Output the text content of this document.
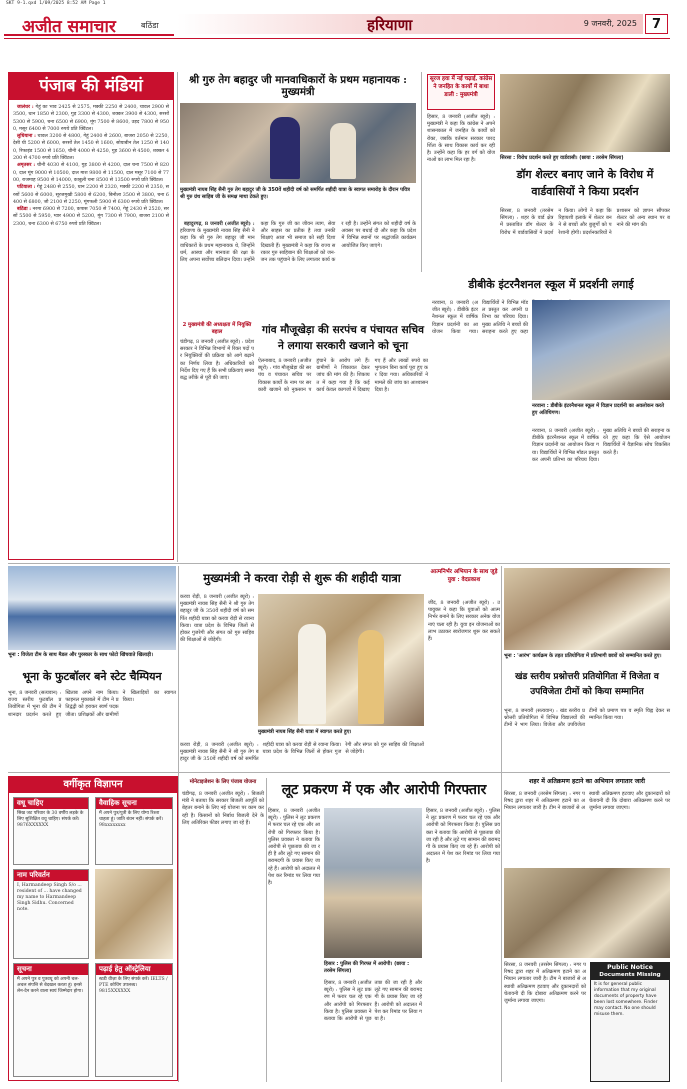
SKT 9-1.qxd 1/09/2025 8:52 AM Page 1
अजीत समाचार	बठिंडा	हरियाणा	9 जनवरी, 2025 7
पंजाब की मंडियां

जालंधर : गेहूं का भाव 2425 से 2575, मक्की 2250 से 2400, चावल 2900 से 3500, धान 1850 से 2300, गुड़ 3300 से 4300, शक्कर 3900 से 4300, सरसों 5300 से 5900, चना 6500 से 6900, मूंग 7500 से 8600, उड़द 7800 से 9500, मसूर 6400 से 7000 रुपये प्रति क्विंटल।

लुधियाना : चावल 3200 से 4800, गेहूं 2400 से 2600, बाजरा 2050 से 2250, देसी घी 5200 से 6000, सरसों तेल 1450 से 1600, सोयाबीन तेल 1250 से 1400, रिफाइंड 1500 से 1650, चीनी 4000 से 4250, गुड़ 3600 से 4500, शक्कर 4200 से 4700 रुपये प्रति क्विंटल।

अमृतसर : चीनी 4030 से 4100, गुड़ 3800 से 4200, दाल चना 7500 से 8200, दाल मूंग 9000 से 10500, दाल माश 9800 से 11500, दाल मसूर 7100 से 7700, राजमाह 9500 से 14000, काबुली चना 8500 से 13500 रुपये प्रति क्विंटल।

पटियाला : गेहूं 2480 से 2550, धान 2200 से 2320, मक्की 2200 से 2350, सरसों 5600 से 6000, सूरजमुखी 5800 से 6200, बिनौला 3500 से 3800, चना 6400 से 6800, जौ 2100 से 2250, मूंगफली 5900 से 6300 रुपये प्रति क्विंटल।

बठिंडा : नरमा 6900 से 7200, कपास 7050 से 7400, गेहूं 2430 से 2520, सरसों 5500 से 5950, ग्वार 4900 से 5200, मूंग 7300 से 7900, बाजरा 2100 से 2300, चना 6300 से 6750 रुपये प्रति क्विंटल।

श्री गुरु तेग बहादुर जी मानवाधिकारों के प्रथम महानायक : मुख्यमंत्री
मुख्यमंत्री नायब सिंह सैनी गुरु तेग बहादुर जी के 350वें शहीदी वर्ष को समर्पित शहीदी यात्रा के स्वागत समारोह के दौरान पवित्र श्री गुरु ग्रंथ साहिब जी के समक्ष माथा टेकते हुए।

बहादुरगढ़, 8 जनवरी (अजीत ब्यूरो) : हरियाणा के मुख्यमंत्री नायब सिंह सैनी ने कहा कि श्री गुरु तेग बहादुर जी मानवाधिकारों के प्रथम महानायक थे, जिन्होंने धर्म, आस्था और मानवता की रक्षा के लिए अपना सर्वोच्च बलिदान दिया। उन्होंने कहा कि गुरु जी का जीवन त्याग, सेवा और साहस का प्रतीक है तथा उनकी शिक्षाएं आज भी समाज को सही दिशा दिखाती हैं। मुख्यमंत्री ने कहा कि राज्य सरकार गुरु साहिबान की शिक्षाओं को जन-जन तक पहुंचाने के लिए लगातार कार्य कर रही है। उन्होंने संगत को शहीदी वर्ष के अवसर पर बधाई दी और कहा कि प्रदेश में विभिन्न स्थानों पर श्रद्धांजलि कार्यक्रम आयोजित किए जाएंगे।

सूरज हवा में नई चढ़ाई, कांग्रेस ने जनहित के कार्यों में बाधा डाली : मुख्यमंत्री
हिसार, 8 जनवरी (अजीत ब्यूरो) : मुख्यमंत्री ने कहा कि कांग्रेस ने अपने शासनकाल में जनहित के कार्यों को रोका, जबकि वर्तमान सरकार पारदर्शिता के साथ विकास कार्य कर रही है। उन्होंने कहा कि हर वर्ग को योजनाओं का लाभ मिल रहा है।	सिरसा : विरोध प्रदर्शन करते हुए वार्डवासी। (छाया : तरसेम सिंगला)
डॉग शेल्टर बनाए जाने के विरोध में वार्डवासियों ने किया प्रदर्शन
सिरसा, 8 जनवरी (तरसेम सिंगला) : शहर के वार्ड क्षेत्र में प्रस्तावित डॉग शेल्टर के विरोध में वार्डवासियों ने प्रदर्शन किया। लोगों ने कहा कि रिहायशी इलाके में शेल्टर बनने से बच्चों और बुजुर्गों को परेशानी होगी। प्रदर्शनकारियों ने प्रशासन को ज्ञापन सौंपकर शेल्टर को अन्य स्थान पर बनाने की मांग की।
2 मुख्यमंत्री की अध्यक्षता में नियुक्ति बहाल
चंडीगढ़, 8 जनवरी (अजीत ब्यूरो) : प्रदेश सरकार ने विभिन्न विभागों में रिक्त पदों पर नियुक्तियों की प्रक्रिया को आगे बढ़ाने का निर्णय लिया है। अधिकारियों को निर्देश दिए गए हैं कि सभी प्रक्रियाएं समयबद्ध तरीके से पूरी की जाएं।
गांव मौजूखेड़ा की सरपंच व पंचायत सचिव ने लगाया सरकारी खजाने को चूना
ऐलनाबाद, 8 जनवरी (अजीत ब्यूरो) : गांव मौजूखेड़ा की सरपंच व पंचायत सचिव पर विकास कार्यों के नाम पर सरकारी खजाने को नुकसान पहुंचाने के आरोप लगे हैं। ग्रामीणों ने शिकायत देकर जांच की मांग की है। शिकायत में कहा गया है कि कई कार्य केवल कागजों में दिखाए गए हैं और लाखों रुपये का भुगतान बिना कार्य पूरा हुए कर दिया गया। अधिकारियों ने मामले की जांच का आश्वासन दिया है।
डीबीके इंटरनैशनल स्कूल में प्रदर्शनी लगाई
नरवाना, 8 जनवरी (अजीत ब्यूरो) : डीबीके इंटरनैशनल स्कूल में वार्षिक विज्ञान प्रदर्शनी का आयोजन किया गया। विद्यार्थियों ने विभिन्न मॉडल प्रस्तुत कर अपनी प्रतिभा का परिचय दिया। मुख्य अतिथि ने बच्चों की सराहना करते हुए कहा
नरवाना : डीबीके इंटरनैशनल स्कूल में विज्ञान प्रदर्शनी का अवलोकन करते हुए अतिथिगण।
नरवाना, 8 जनवरी (अजीत ब्यूरो) : डीबीके इंटरनैशनल स्कूल में वार्षिक विज्ञान प्रदर्शनी का आयोजन किया गया। विद्यार्थियों ने विभिन्न मॉडल प्रस्तुत कर अपनी प्रतिभा का परिचय दिया। मुख्य अतिथि ने बच्चों की सराहना करते हुए कहा कि ऐसे आयोजन विद्यार्थियों में वैज्ञानिक सोच विकसित करते हैं।
भूना : विजेता टीम के साथ मैडल और पुरस्कार के साथ फोटो खिंचवाते खिलाड़ी।
भूना के फुटबॉलर बने स्टेट चैम्पियन
भूना, 8 जनवरी (सत्यवान) : राज्य स्तरीय फुटबॉल प्रतियोगिता में भूना की टीम ने शानदार प्रदर्शन करते हुए खिताब अपने नाम किया। फाइनल मुकाबले में टीम ने प्रतिद्वंद्वी को हराकर स्वर्ण पदक जीता। प्रशिक्षकों और ग्रामीणों ने खिलाड़ियों का स्वागत किया।
मुख्यमंत्री ने करवा रोड़ी से शुरू की शहीदी यात्रा
करवा रोड़ी, 8 जनवरी (अजीत ब्यूरो) : मुख्यमंत्री नायब सिंह सैनी ने श्री गुरु तेग बहादुर जी के 350वें शहीदी वर्ष को समर्पित शहीदी यात्रा को करवा रोड़ी से रवाना किया। यात्रा प्रदेश के विभिन्न जिलों से होकर गुजरेगी और संगत को गुरु साहिब की शिक्षाओं से जोड़ेगी।
मुख्यमंत्री नायब सिंह सैनी यात्रा में स्वागत करते हुए।
करवा रोड़ी, 8 जनवरी (अजीत ब्यूरो) : मुख्यमंत्री नायब सिंह सैनी ने श्री गुरु तेग बहादुर जी के 350वें शहीदी वर्ष को समर्पित शहीदी यात्रा को करवा रोड़ी से रवाना किया। यात्रा प्रदेश के विभिन्न जिलों से होकर गुजरेगी और संगत को गुरु साहिब की शिक्षाओं से जोड़ेगी।
आत्मनिर्भर अभियान के साथ जुड़े युवा : वेदप्रकाश
जींद, 8 जनवरी (अजीत ब्यूरो) : उपायुक्त ने कहा कि युवाओं को आत्मनिर्भर बनाने के लिए सरकार अनेक योजनाएं चला रही है। युवा इन योजनाओं का लाभ उठाकर स्वरोजगार शुरू कर सकते हैं।
भूना : 'आरंभ' कार्यक्रम के तहत प्रतियोगिता में प्रतिभागी छात्रों को सम्मानित करते हुए।
खंड स्तरीय प्रश्नोत्तरी प्रतियोगिता में विजेता व उपविजेता टीमों को किया सम्मानित
भूना, 8 जनवरी (सत्यवान) : खंड स्तरीय प्रश्नोत्तरी प्रतियोगिता में विभिन्न विद्यालयों की टीमों ने भाग लिया। विजेता और उपविजेता टीमों को प्रमाण पत्र व स्मृति चिह्न देकर सम्मानित किया गया।
वर्गीकृत विज्ञापन
वधू चाहिए
सिख जट परिवार के 30 वर्षीय लड़के के लिए सुशिक्षित वधू चाहिए। संपर्क करें। 9876XXXXXX
वैवाहिक सूचना
मैं अपने पुत्र/पुत्री के लिए योग्य रिश्ता चाहता हूं। जाति बंधन नहीं। संपर्क करें। 98xxxxxxxx
नाम परिवर्तन
I, Harmandeep Singh S/o ... resident of ... have changed my name to Harmandeep Singh Sidhu. Concerned note.
सूचना
मैं अपने पुत्र व पुत्रवधू को अपनी चल-अचल संपत्ति से बेदखल करता हूं। इनसे लेन-देन करने वाला स्वयं जिम्मेदार होगा।
पढ़ाई हेतु ऑस्ट्रेलिया
स्टडी वीज़ा के लिए संपर्क करें। IELTS / PTE कोचिंग उपलब्ध। 9815XXXXXX
मोनेटाइजेशन के लिए पंजाब योजना
चंडीगढ़, 8 जनवरी (अजीत ब्यूरो) : बिजली मंत्री ने बताया कि सरकार बिजली आपूर्ति को बेहतर बनाने के लिए नई योजना पर काम कर रही है। किसानों को निर्बाध बिजली देने के लिए अतिरिक्त फीडर लगाए जा रहे हैं।
लूट प्रकरण में एक और आरोपी गिरफ्तार
हिसार, 8 जनवरी (अजीत ब्यूरो) : पुलिस ने लूट प्रकरण में फरार चल रहे एक और आरोपी को गिरफ्तार किया है। पुलिस प्रवक्ता ने बताया कि आरोपी से पूछताछ की जा रही है और लूटे गए सामान की बरामदगी के प्रयास किए जा रहे हैं। आरोपी को अदालत में पेश कर रिमांड पर लिया गया है।
हिसार : पुलिस की गिरफ्त में आरोपी। (छाया : तरसेम सिंगला)
हिसार, 8 जनवरी (अजीत ब्यूरो) : पुलिस ने लूट प्रकरण में फरार चल रहे एक और आरोपी को गिरफ्तार किया है। पुलिस प्रवक्ता ने बताया कि आरोपी से पूछताछ की जा रही है और लूटे गए सामान की बरामदगी के प्रयास किए जा रहे हैं। आरोपी को अदालत में पेश कर रिमांड पर लिया गया है।
हिसार, 8 जनवरी (अजीत ब्यूरो) : पुलिस ने लूट प्रकरण में फरार चल रहे एक और आरोपी को गिरफ्तार किया है। पुलिस प्रवक्ता ने बताया कि आरोपी से पूछताछ की जा रही है और लूटे गए सामान की बरामदगी के प्रयास किए जा रहे हैं। आरोपी को अदालत में पेश कर रिमांड पर लिया गया है।
शहर में अतिक्रमण हटाने का अभियान लगातार जारी
सिरसा, 8 जनवरी (तरसेम सिंगला) : नगर परिषद द्वारा शहर में अतिक्रमण हटाने का अभियान लगातार जारी है। टीम ने बाजारों से अस्थायी अतिक्रमण हटवाए और दुकानदारों को चेतावनी दी कि दोबारा अतिक्रमण करने पर जुर्माना लगाया जाएगा।
Public Notice
Documents Missing
It is for general public information that my original documents of property have been lost somewhere. Finder may contact. No one should misuse them.
सिरसा, 8 जनवरी (तरसेम सिंगला) : नगर परिषद द्वारा शहर में अतिक्रमण हटाने का अभियान लगातार जारी है। टीम ने बाजारों से अस्थायी अतिक्रमण हटवाए और दुकानदारों को चेतावनी दी कि दोबारा अतिक्रमण करने पर जुर्माना लगाया जाएगा।
